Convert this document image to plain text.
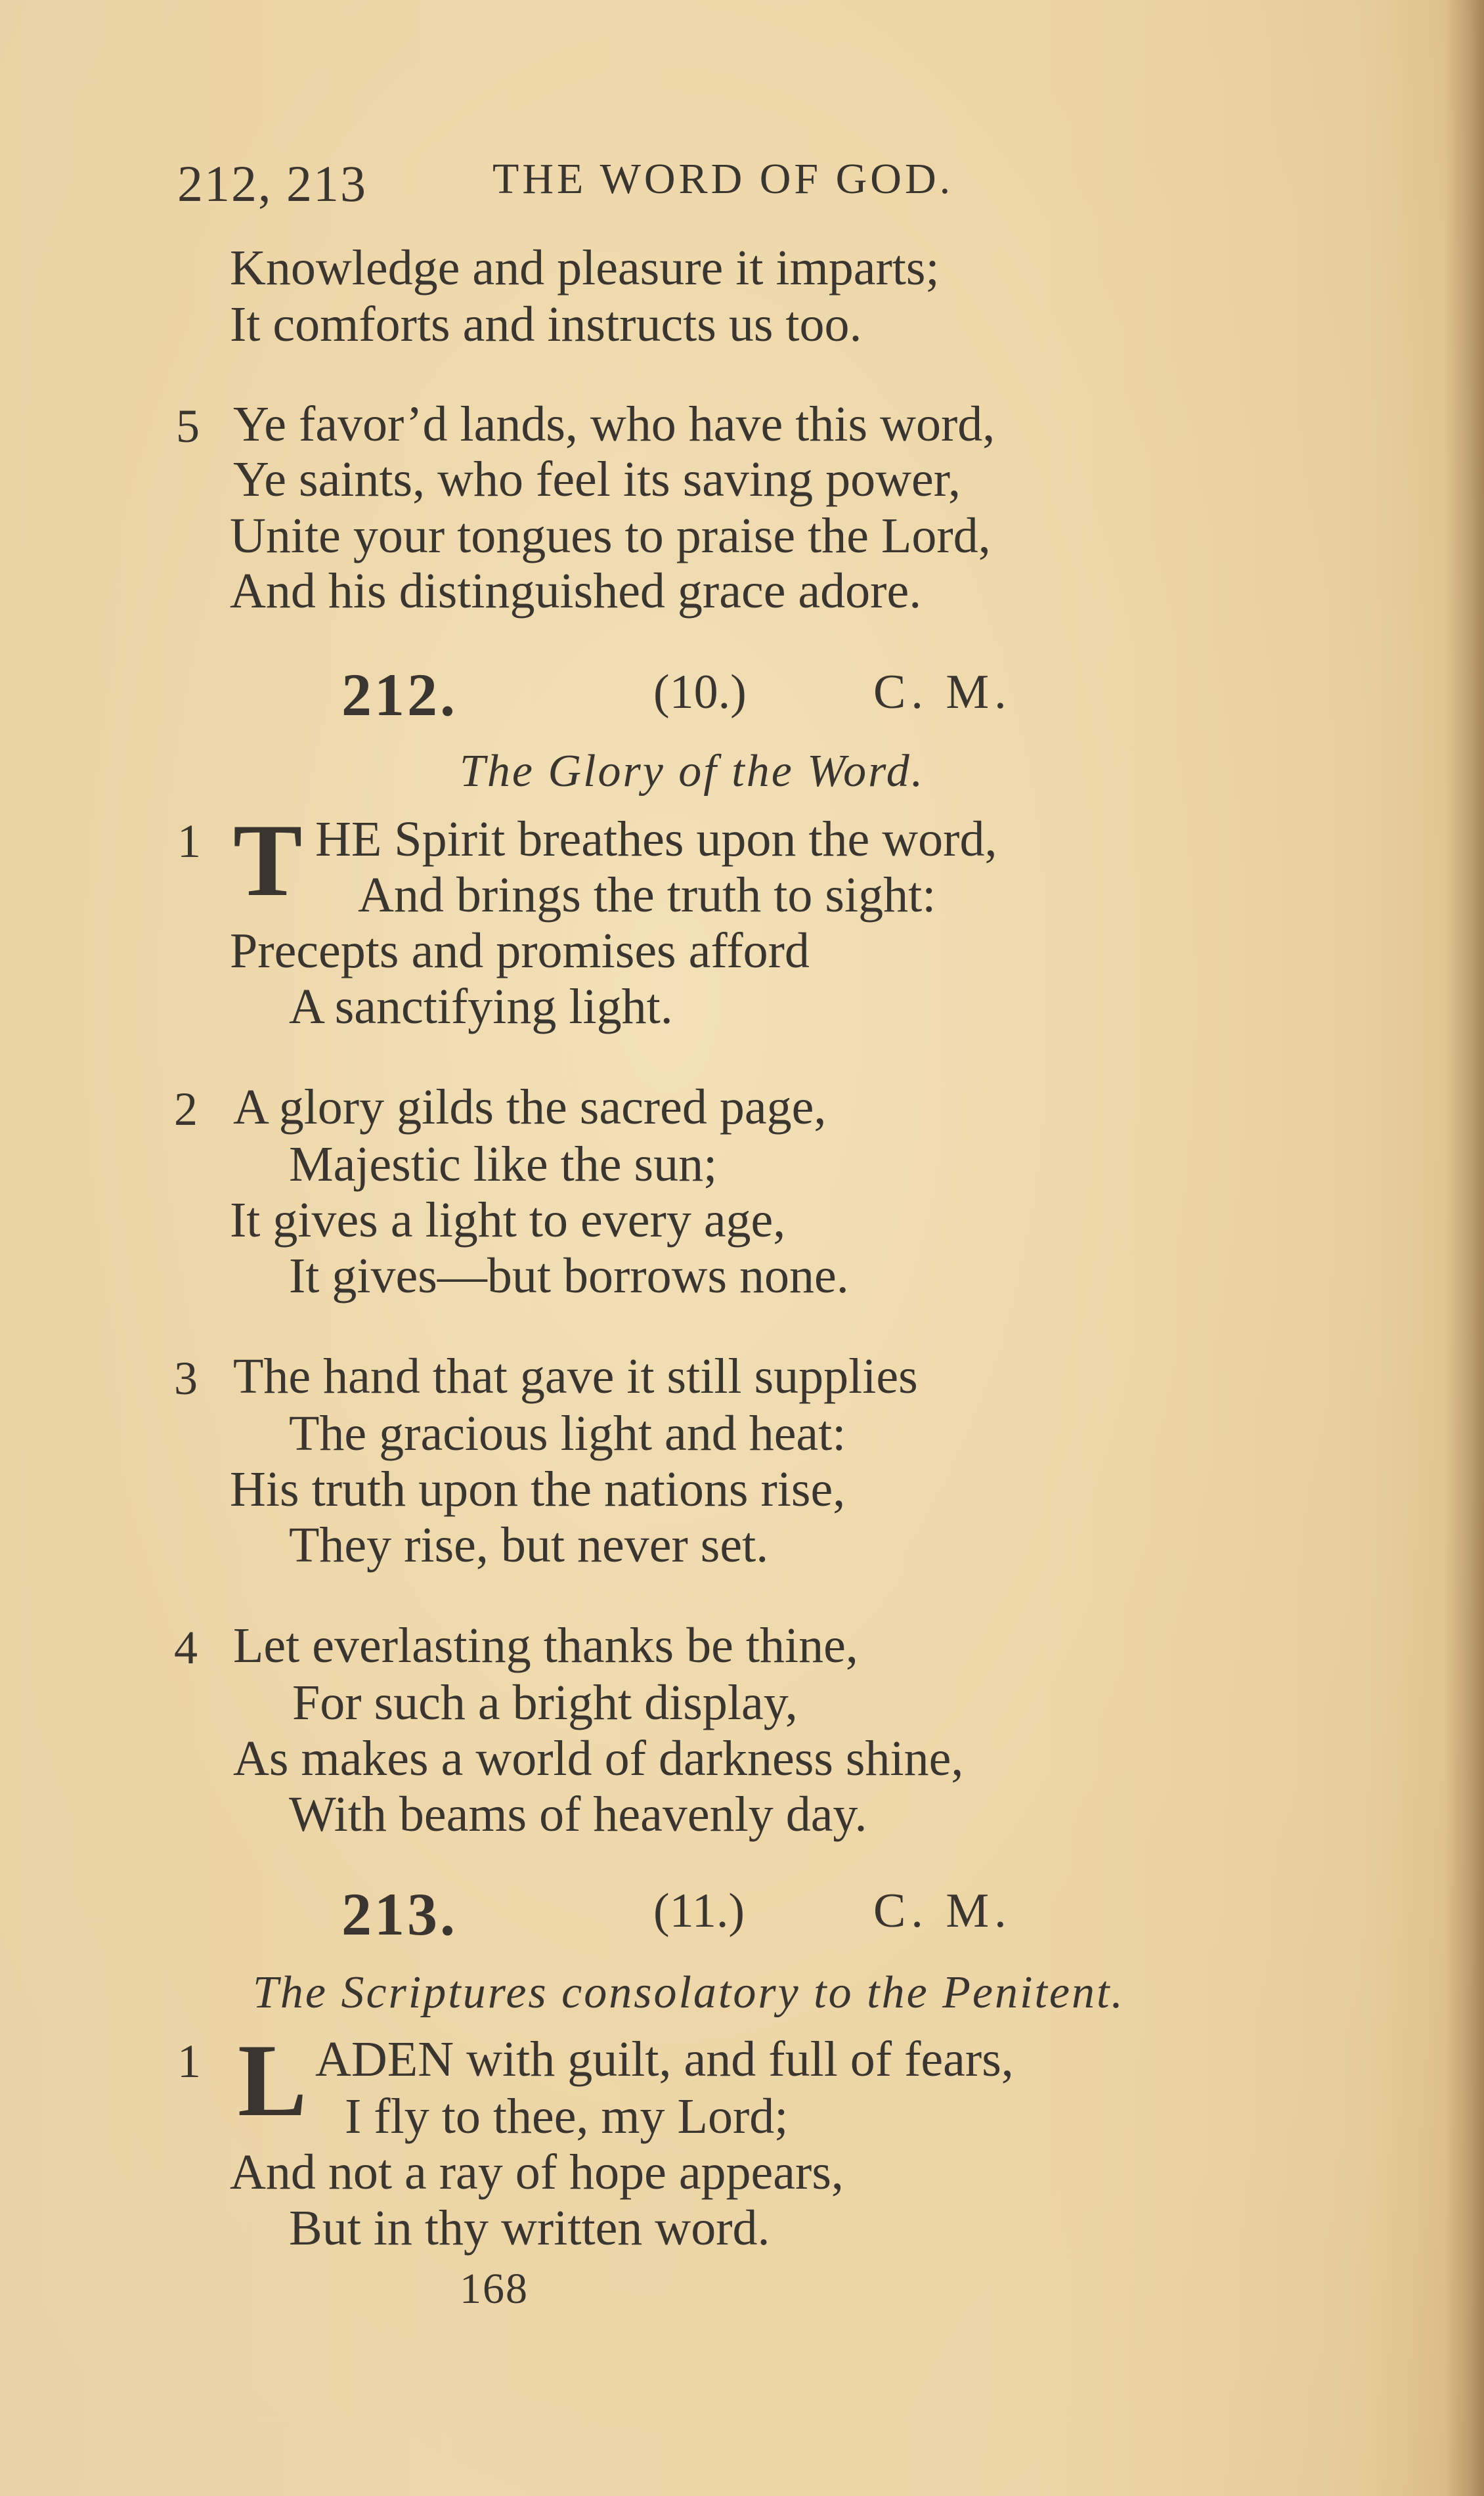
212, 213	THE WORD OF GOD.
Knowledge and pleasure it imparts;
It comforts and instructs us too.
5 Ye favor’d lands, who have this word,
Ye saints, who feel its saving power,
Unite your tongues to praise the Lord,
And his distinguished grace adore.
212.	(10.)	C. M.
The Glory of the Word.
1 T HE Spirit breathes upon the word,
And brings the truth to sight:
Precepts and promises afford
A sanctifying light.
2 A glory gilds the sacred page,
Majestic like the sun;
It gives a light to every age,
It gives—but borrows none.
3 The hand that gave it still supplies
The gracious light and heat:
His truth upon the nations rise,
They rise, but never set.
4 Let everlasting thanks be thine,
For such a bright display,
As makes a world of darkness shine,
With beams of heavenly day.
213.	(11.)	C. M.
The Scriptures consolatory to the Penitent.
1 L ADEN with guilt, and full of fears,
I fly to thee, my Lord;
And not a ray of hope appears,
But in thy written word.
168
